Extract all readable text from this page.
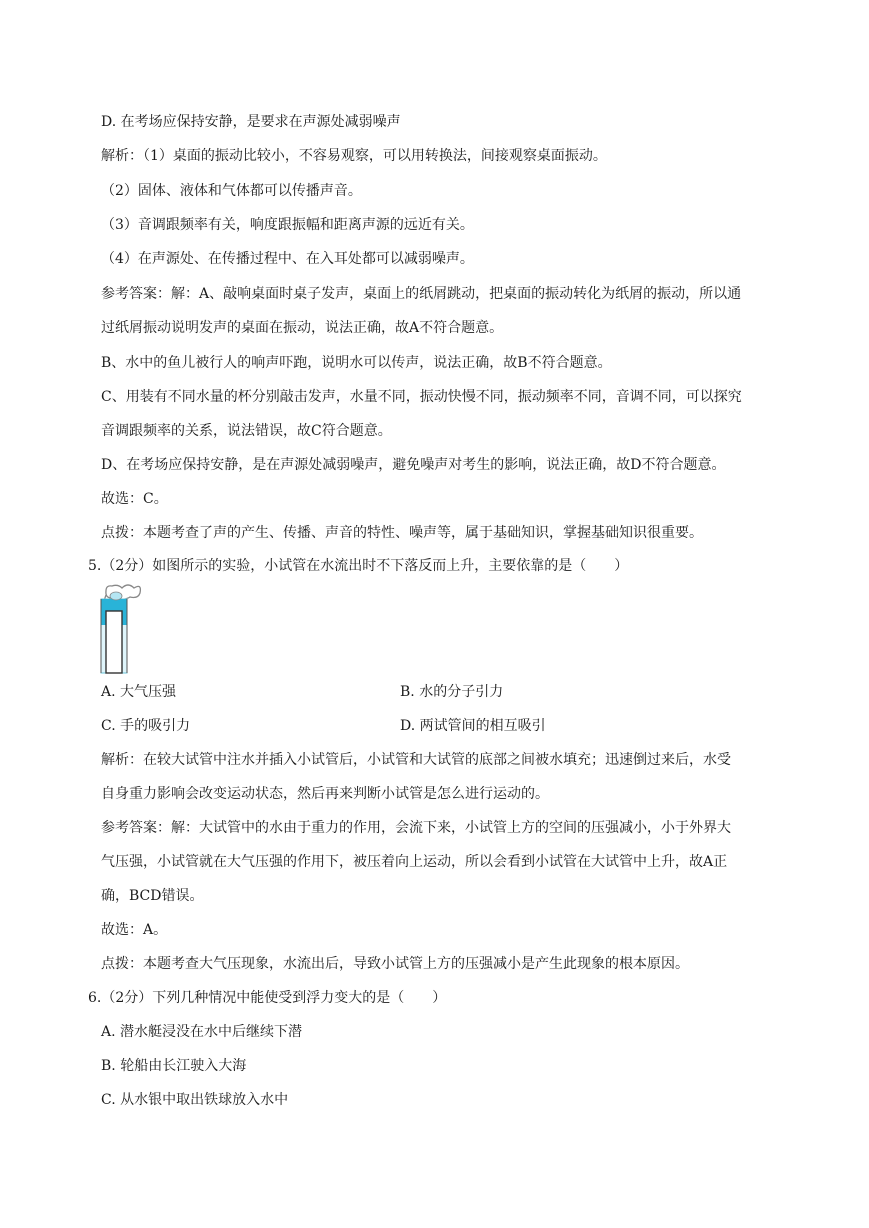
D. 在考场应保持安静，是要求在声源处减弱噪声
解析：（1）桌面的振动比较小，不容易观察，可以用转换法，间接观察桌面振动。
（2）固体、液体和气体都可以传播声音。
（3）音调跟频率有关，响度跟振幅和距离声源的远近有关。
（4）在声源处、在传播过程中、在入耳处都可以减弱噪声。
参考答案：解：A、敲响桌面时桌子发声，桌面上的纸屑跳动，把桌面的振动转化为纸屑的振动，所以通
过纸屑振动说明发声的桌面在振动，说法正确，故A不符合题意。
B、水中的鱼儿被行人的响声吓跑，说明水可以传声，说法正确，故B不符合题意。
C、用装有不同水量的杯分别敲击发声，水量不同，振动快慢不同，振动频率不同，音调不同，可以探究
音调跟频率的关系，说法错误，故C符合题意。
D、在考场应保持安静，是在声源处减弱噪声，避免噪声对考生的影响，说法正确，故D不符合题意。
故选：C。
点拨：本题考查了声的产生、传播、声音的特性、噪声等，属于基础知识，掌握基础知识很重要。
5.（2分）如图所示的实验，小试管在水流出时不下落反而上升，主要依靠的是（　　）
A. 大气压强	B. 水的分子引力
C. 手的吸引力	D. 两试管间的相互吸引
解析：在较大试管中注水并插入小试管后，小试管和大试管的底部之间被水填充；迅速倒过来后，水受
自身重力影响会改变运动状态，然后再来判断小试管是怎么进行运动的。
参考答案：解：大试管中的水由于重力的作用，会流下来，小试管上方的空间的压强减小，小于外界大
气压强，小试管就在大气压强的作用下，被压着向上运动，所以会看到小试管在大试管中上升，故A正
确，BCD错误。
故选：A。
点拨：本题考查大气压现象，水流出后，导致小试管上方的压强减小是产生此现象的根本原因。
6.（2分）下列几种情况中能使受到浮力变大的是（　　）
A. 潜水艇浸没在水中后继续下潜
B. 轮船由长江驶入大海
C. 从水银中取出铁球放入水中
